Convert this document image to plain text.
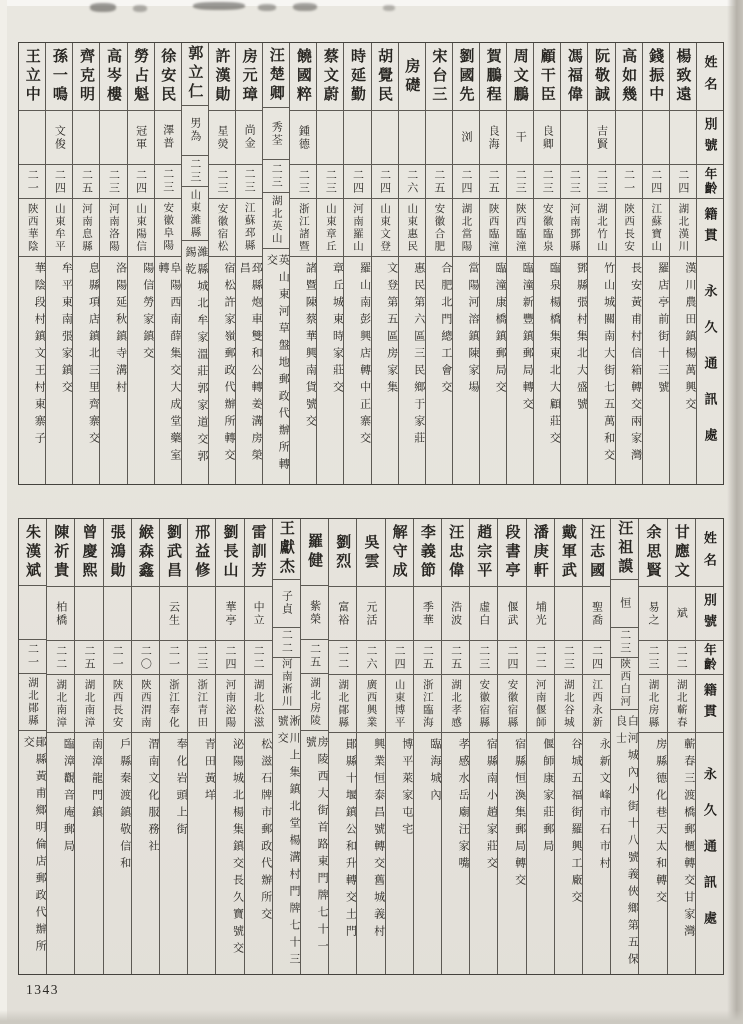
姓名
別號
年齡
籍貫
永久通訊處
楊致遠
二四
湖北漢川
漢川農田鎮楊萬興交
錢振中
二四
江蘇寶山
羅店亭前街十三號
高如幾
二一
陝西長安
長安黃甫村信箱轉交兩家灣
阮敬誠
吉賢
二三
湖北竹山
竹山城關南大街七五萬和交
馮福偉
二三
河南鄧縣
鄧縣張村集北大盛號
顧干臣
良卿
二三
安徽臨泉
臨泉楊橋集東北大顧莊交
周文鵬
干
二三
陝西臨潼
臨潼新豐鎮郵局轉交
賀鵬程
良海
二五
陝西臨潼
臨潼康橋鎮郵局交
劉國先
浏
二四
湖北當陽
當陽河溶鎮陳家場
宋台三
二五
安徽合肥
合肥北門總工會交
房礎
二六
山東惠民
惠民第六區三民鄉于家莊
胡覺民
二四
山東文登
文登第五區房家集
時延勤
二四
河南羅山
羅山南彭興店轉中正寨交
蔡文蔚
二三
山東章丘
章丘城東時家莊交
饒國粹
鍾德
二三
浙江諸暨
諸暨陳蔡華興南貨號交
汪楚卿
秀荃
二三
湖北英山
英山東河草盤地郵政代辦所轉交
房元璋
尚金
二三
江蘇邳縣
邳縣炮車雙和公轉姜溝房榮昌
許漢勛
星熒
二三
安徽宿松
宿松許家嶺郵政代辦所轉交
郭立仁
男為
二三
山東濰縣
濰縣城北牟家溫莊郭家道交郭錫乾
徐安民
澤普
二三
安徽阜陽
阜陽西南薛集交大成堂藥室轉
勞占魁
冠軍
二四
山東陽信
陽信勞家鎮交
高岑樓
二三
河南洛陽
洛陽延秋鎮寺溝村
齊克明
二五
河南息縣
息縣項店鎮北三里齊寨交
孫一鳴
文俊
二四
山東牟平
牟平東南張家鎮交
王立中
二一
陝西華陰
華陰段村鎮文王村東寨子
姓名
別號
年齡
籍貫
永久通訊處
甘應文
斌
二二
湖北蘄春
蘄春三渡橋郵櫃轉交甘家灣
余思賢
易之
二三
湖北房縣
房縣德化巷天太和轉交
汪祖謨
恒
二三
陝西白河
白河城內小街十八號義俠鄉第五保良士
汪志國
聖喬
二四
江西永新
永新文峰市石市村
戴軍武
二三
湖北谷城
谷城五福街羅興工廠交
潘庚軒
埔光
二二
河南偃師
偃師康家莊郵局
段書亭
偃武
二四
安徽宿縣
宿縣恒渙集郵局轉交
趙宗平
虛白
二三
安徽宿縣
宿縣南小趙家莊交
汪忠偉
浩波
二五
湖北孝感
孝感水岳廟汪家嘴
李義節
季華
二五
浙江臨海
臨海城內
解守成
二四
山東博平
博平萊家屯宅
吳雲
元活
二六
廣西興業
興業恒泰昌號轉交舊城義村
劉烈
富裕
二二
湖北鄖縣
鄖縣十堰鎮公和升轉交土門
羅健
紫榮
二五
湖北房陵
房陵西大街首路東門牌七十一號
王獻杰
子貞
二二
河南淅川
淅川上集鎮北堂楊溝村門牌七十三號交
雷訓芳
中立
二二
湖北松滋
松滋石牌市郵政代辦所交
劉長山
華亭
二四
河南泌陽
泌陽城北楊集鎮交長久寶號交
邢益修
二三
浙江青田
青田黃垟
劉武昌
云生
二一
浙江奉化
奉化岩頭上街
緱森鑫
二〇
陝西渭南
渭南文化服務社
張鴻勛
二一
陝西長安
戶縣秦渡鎮敬信和
曾慶熙
二五
湖北南漳
南漳龍門鎮
陳祈貴
柏橋
二二
湖北南漳
臨漳觀音庵郵局
朱漢斌
二一
湖北鄖縣
鄖縣黃甫鄉明倫店郵政代辦所交
1343
